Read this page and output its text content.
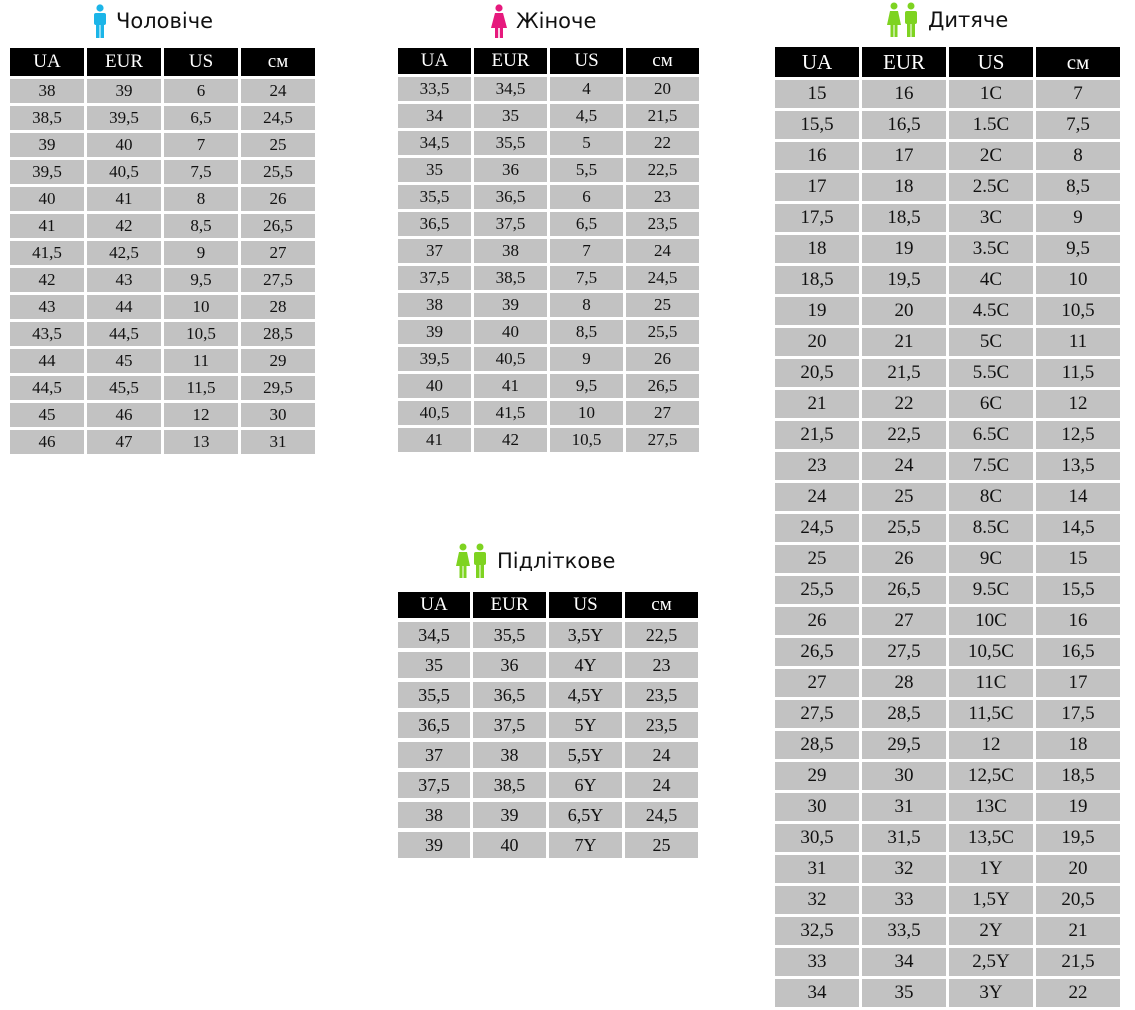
Чоловіче
UA	EUR	US	см
38	39	6	24
38,5	39,5	6,5	24,5
39	40	7	25
39,5	40,5	7,5	25,5
40	41	8	26
41	42	8,5	26,5
41,5	42,5	9	27
42	43	9,5	27,5
43	44	10	28
43,5	44,5	10,5	28,5
44	45	11	29
44,5	45,5	11,5	29,5
45	46	12	30
46	47	13	31
Жіноче
UA	EUR	US	см
33,5	34,5	4	20
34	35	4,5	21,5
34,5	35,5	5	22
35	36	5,5	22,5
35,5	36,5	6	23
36,5	37,5	6,5	23,5
37	38	7	24
37,5	38,5	7,5	24,5
38	39	8	25
39	40	8,5	25,5
39,5	40,5	9	26
40	41	9,5	26,5
40,5	41,5	10	27
41	42	10,5	27,5
Підліткове
UA	EUR	US	см
34,5	35,5	3,5Y	22,5
35	36	4Y	23
35,5	36,5	4,5Y	23,5
36,5	37,5	5Y	23,5
37	38	5,5Y	24
37,5	38,5	6Y	24
38	39	6,5Y	24,5
39	40	7Y	25
Дитяче
UA	EUR	US	см
15	16	1C	7
15,5	16,5	1.5C	7,5
16	17	2C	8
17	18	2.5C	8,5
17,5	18,5	3C	9
18	19	3.5C	9,5
18,5	19,5	4C	10
19	20	4.5C	10,5
20	21	5C	11
20,5	21,5	5.5C	11,5
21	22	6C	12
21,5	22,5	6.5C	12,5
23	24	7.5C	13,5
24	25	8C	14
24,5	25,5	8.5C	14,5
25	26	9C	15
25,5	26,5	9.5C	15,5
26	27	10C	16
26,5	27,5	10,5C	16,5
27	28	11C	17
27,5	28,5	11,5C	17,5
28,5	29,5	12	18
29	30	12,5C	18,5
30	31	13C	19
30,5	31,5	13,5C	19,5
31	32	1Y	20
32	33	1,5Y	20,5
32,5	33,5	2Y	21
33	34	2,5Y	21,5
34	35	3Y	22
